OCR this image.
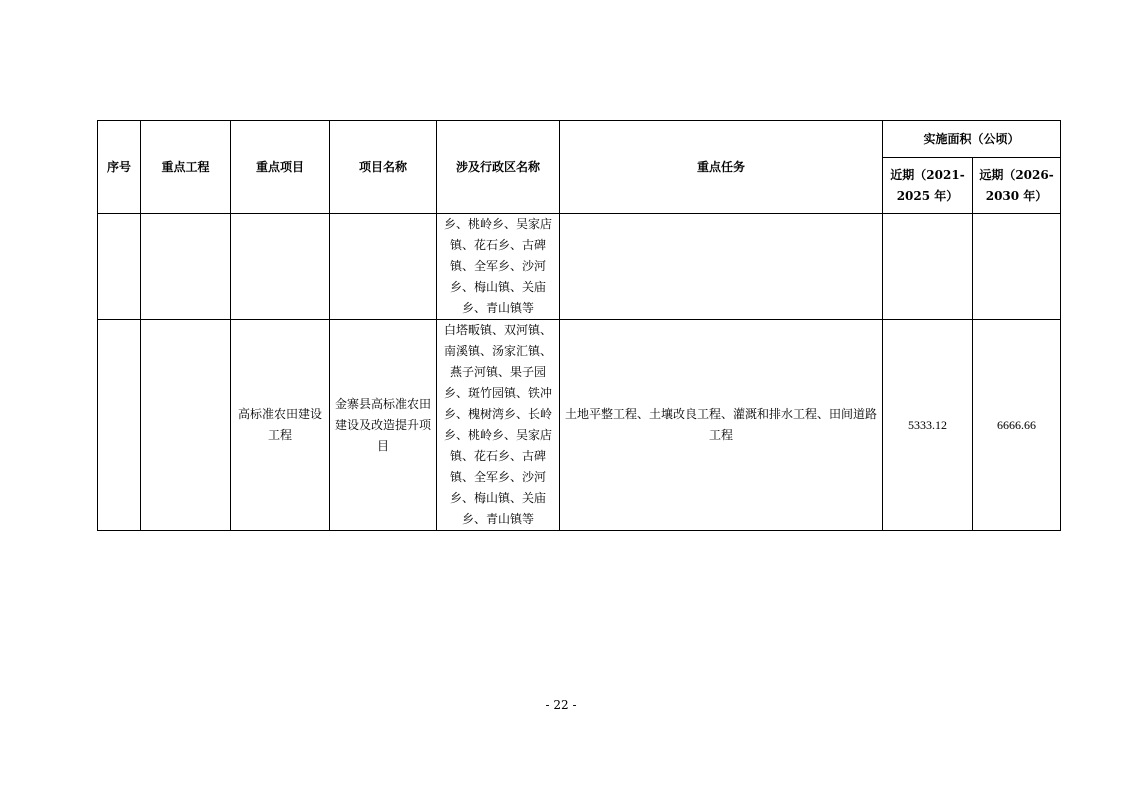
序号	重点工程	重点项目	项目名称	涉及行政区名称	重点任务	实施面积（公顷）	

						近期（2021-2025 年）	远期（2026-2030 年）

				乡、桃岭乡、吴家店镇、花石乡、古碑镇、全军乡、沙河乡、梅山镇、关庙乡、青山镇等			

		高标准农田建设工程	金寨县高标准农田建设及改造提升项目	白塔畈镇、双河镇、南溪镇、汤家汇镇、燕子河镇、果子园乡、斑竹园镇、铁冲乡、槐树湾乡、长岭乡、桃岭乡、吴家店镇、花石乡、古碑镇、全军乡、沙河乡、梅山镇、关庙乡、青山镇等	土地平整工程、土壤改良工程、灌溉和排水工程、田间道路工程	5333.12	6666.66
- 22 -
